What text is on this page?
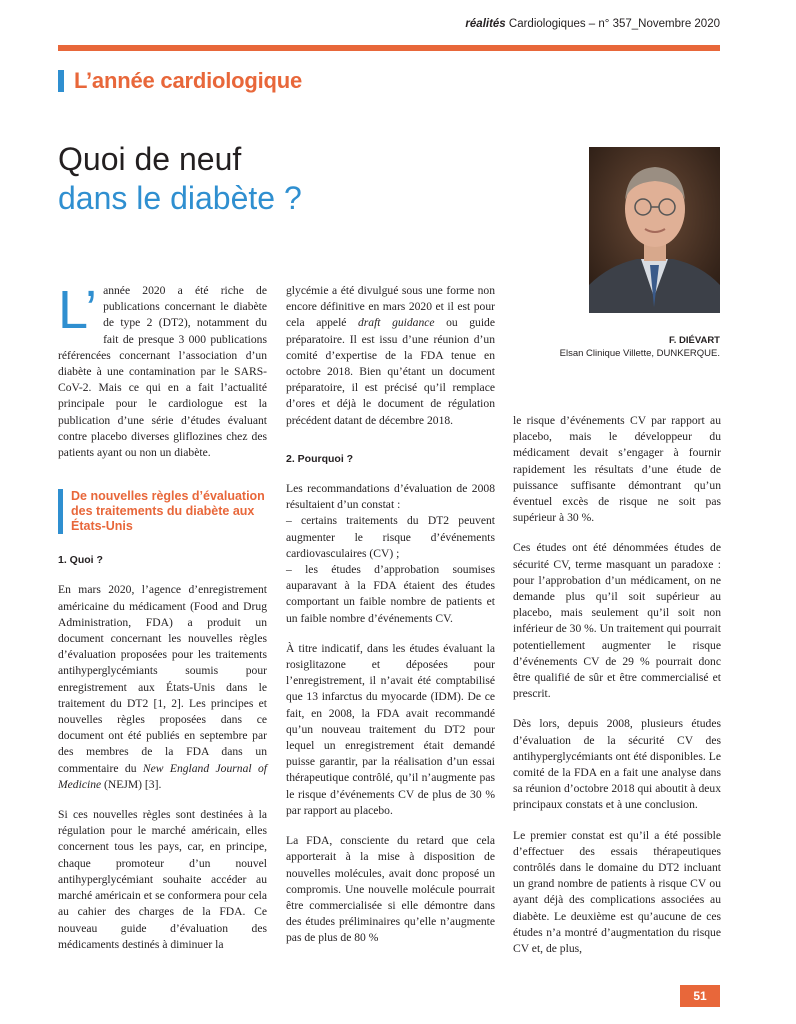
réalités Cardiologiques – n° 357_Novembre 2020
L’année cardiologique
Quoi de neuf
dans le diabète ?
F. DIÉVART
Elsan Clinique Villette, DUNKERQUE.

L’ année 2020 a été riche de publications concernant le diabète de type 2 (DT2), notamment du fait de presque 3 000 publications référencées concernant l’association d’un diabète à une contamination par le SARS-CoV-2. Mais ce qui en a fait l’actualité principale pour le cardiologue est la publication d’une série d’études évaluant contre placebo diverses gliflozines chez des patients ayant ou non un diabète.

De nouvelles règles d’évaluation des traitements du diabète aux États-Unis
1. Quoi ?

En mars 2020, l’agence d’enregistrement américaine du médicament (Food and Drug Administration, FDA) a produit un document concernant les nouvelles règles d’évaluation proposées pour les traitements antihyperglycémiants soumis pour enregistrement aux États-Unis dans le traitement du DT2 [1, 2]. Les principes et nouvelles règles proposées dans ce document ont été publiés en septembre par des membres de la FDA dans un commentaire du New England Journal of Medicine (NEJM) [3].

Si ces nouvelles règles sont destinées à la régulation pour le marché américain, elles concernent tous les pays, car, en principe, chaque promoteur d’un nouvel antihyperglycémiant souhaite accéder au marché américain et se conformera pour cela au cahier des charges de la FDA. Ce nouveau guide d’évaluation des médicaments destinés à diminuer la

glycémie a été divulgué sous une forme non encore définitive en mars 2020 et il est pour cela appelé draft guidance ou guide préparatoire. Il est issu d’une réunion d’un comité d’expertise de la FDA tenue en octobre 2018. Bien qu’étant un document préparatoire, il est précisé qu’il remplace d’ores et déjà le document de régulation précédent datant de décembre 2018.

2. Pourquoi ?

Les recommandations d’évaluation de 2008 résultaient d’un constat :

– certains traitements du DT2 peuvent augmenter le risque d’événements cardiovasculaires (CV) ;

– les études d’approbation soumises auparavant à la FDA étaient des études comportant un faible nombre de patients et un faible nombre d’événements CV.

À titre indicatif, dans les études évaluant la rosiglitazone et déposées pour l’enregistrement, il n’avait été comptabilisé que 13 infarctus du myocarde (IDM). De ce fait, en 2008, la FDA avait recommandé qu’un nouveau traitement du DT2 pour lequel un enregistrement était demandé puisse garantir, par la réalisation d’un essai thérapeutique contrôlé, qu’il n’augmente pas le risque d’événements CV de plus de 30 % par rapport au placebo.

La FDA, consciente du retard que cela apporterait à la mise à disposition de nouvelles molécules, avait donc proposé un compromis. Une nouvelle molécule pourrait être commercialisée si elle démontre dans des études préliminaires qu’elle n’augmente pas de plus de 80 %

le risque d’événements CV par rapport au placebo, mais le développeur du médicament devait s’engager à fournir rapidement les résultats d’une étude de puissance suffisante démontrant qu’un éventuel excès de risque ne soit pas supérieur à 30 %.

Ces études ont été dénommées études de sécurité CV, terme masquant un paradoxe : pour l’approbation d’un médicament, on ne demande plus qu’il soit supérieur au placebo, mais seulement qu’il soit non inférieur de 30 %. Un traitement qui pourrait potentiellement augmenter le risque d’événements CV de 29 % pourrait donc être qualifié de sûr et être commercialisé et prescrit.

Dès lors, depuis 2008, plusieurs études d’évaluation de la sécurité CV des antihyperglycémiants ont été disponibles. Le comité de la FDA en a fait une analyse dans sa réunion d’octobre 2018 qui aboutit à deux principaux constats et à une conclusion.

Le premier constat est qu’il a été possible d’effectuer des essais thérapeutiques contrôlés dans le domaine du DT2 incluant un grand nombre de patients à risque CV ou ayant déjà des complications associées au diabète. Le deuxième est qu’aucune de ces études n’a montré d’augmentation du risque CV et, de plus,

51
